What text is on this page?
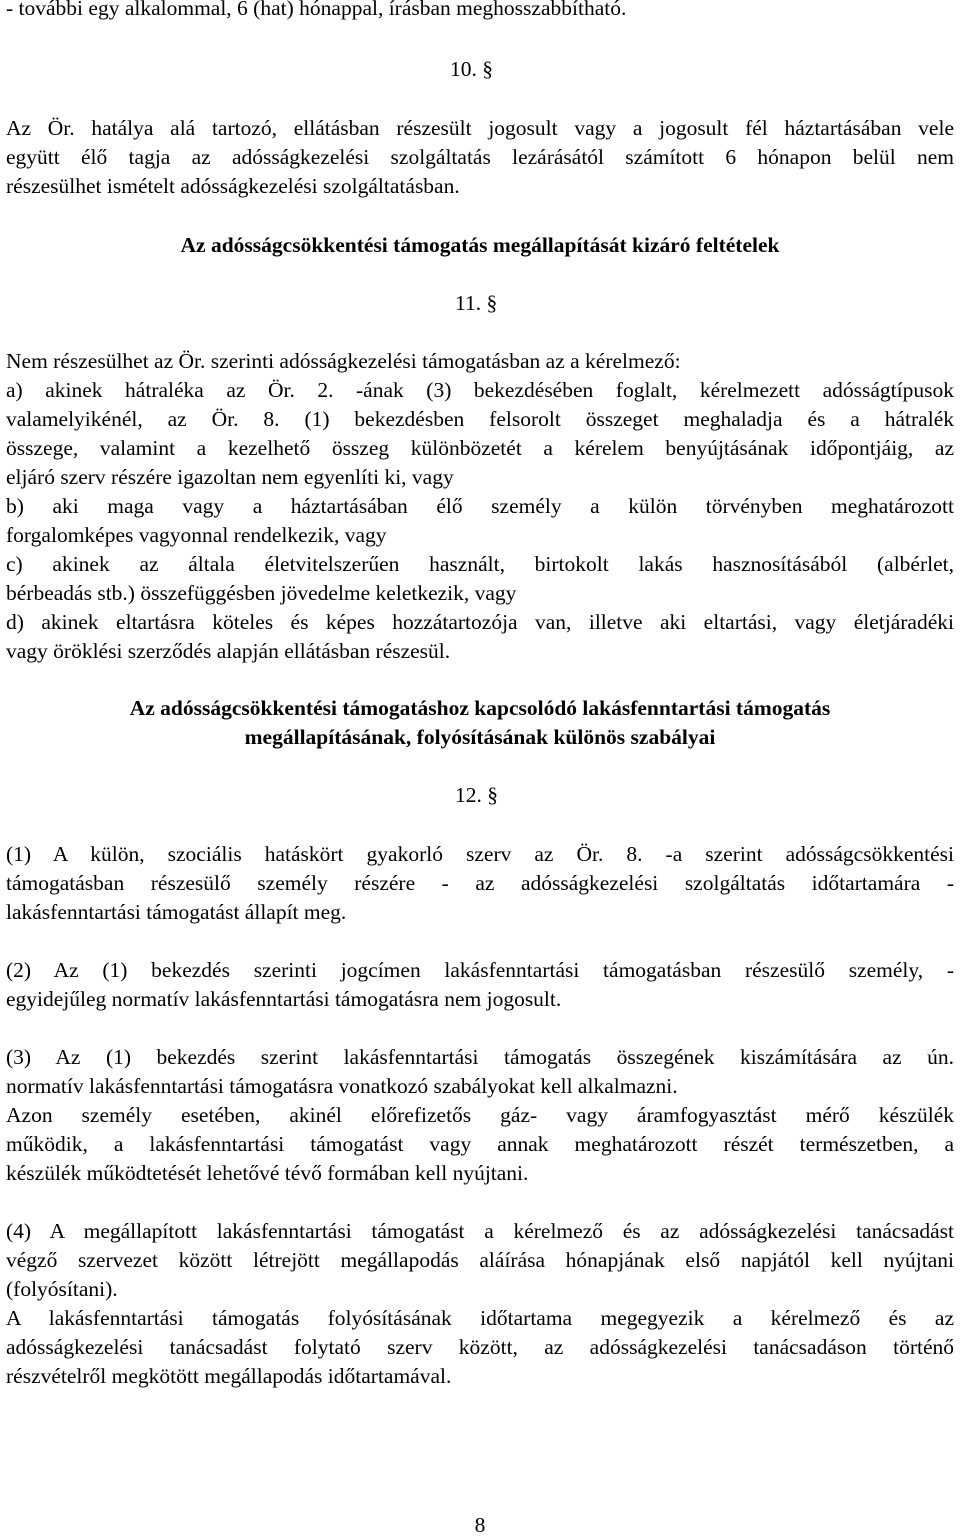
- további egy alkalommal, 6 (hat) hónappal, írásban meghosszabbítható.
10. §
Az Ör. hatálya alá tartozó, ellátásban részesült jogosult vagy a jogosult fél háztartásában vele
együtt élő tagja az adósságkezelési szolgáltatás lezárásától számított 6 hónapon belül nem
részesülhet ismételt adósságkezelési szolgáltatásban.
Az adósságcsökkentési támogatás megállapítását kizáró feltételek
11. §
Nem részesülhet az Ör. szerinti adósságkezelési támogatásban az a kérelmező:
a) akinek hátraléka az Ör. 2. -ának (3) bekezdésében foglalt, kérelmezett adósságtípusok
valamelyikénél, az Ör. 8. (1) bekezdésben felsorolt összeget meghaladja és a hátralék
összege, valamint a kezelhető összeg különbözetét a kérelem benyújtásának időpontjáig, az
eljáró szerv részére igazoltan nem egyenlíti ki, vagy
b) aki maga vagy a háztartásában élő személy a külön törvényben meghatározott
forgalomképes vagyonnal rendelkezik, vagy
c) akinek az általa életvitelszerűen használt, birtokolt lakás hasznosításából (albérlet,
bérbeadás stb.) összefüggésben jövedelme keletkezik, vagy
d) akinek eltartásra köteles és képes hozzátartozója van, illetve aki eltartási, vagy életjáradéki
vagy öröklési szerződés alapján ellátásban részesül.
Az adósságcsökkentési támogatáshoz kapcsolódó lakásfenntartási támogatás
megállapításának, folyósításának különös szabályai
12. §
(1) A külön, szociális hatáskört gyakorló szerv az Ör. 8. -a szerint adósságcsökkentési
támogatásban részesülő személy részére - az adósságkezelési szolgáltatás időtartamára -
lakásfenntartási támogatást állapít meg.
(2) Az (1) bekezdés szerinti jogcímen lakásfenntartási támogatásban részesülő személy, -
egyidejűleg normatív lakásfenntartási támogatásra nem jogosult.
(3) Az (1) bekezdés szerint lakásfenntartási támogatás összegének kiszámítására az ún.
normatív lakásfenntartási támogatásra vonatkozó szabályokat kell alkalmazni.
Azon személy esetében, akinél előrefizetős gáz- vagy áramfogyasztást mérő készülék
működik, a lakásfenntartási támogatást vagy annak meghatározott részét természetben, a
készülék működtetését lehetővé tévő formában kell nyújtani.
(4) A megállapított lakásfenntartási támogatást a kérelmező és az adósságkezelési tanácsadást
végző szervezet között létrejött megállapodás aláírása hónapjának első napjától kell nyújtani
(folyósítani).
A lakásfenntartási támogatás folyósításának időtartama megegyezik a kérelmező és az
adósságkezelési tanácsadást folytató szerv között, az adósságkezelési tanácsadáson történő
részvételről megkötött megállapodás időtartamával.
8
